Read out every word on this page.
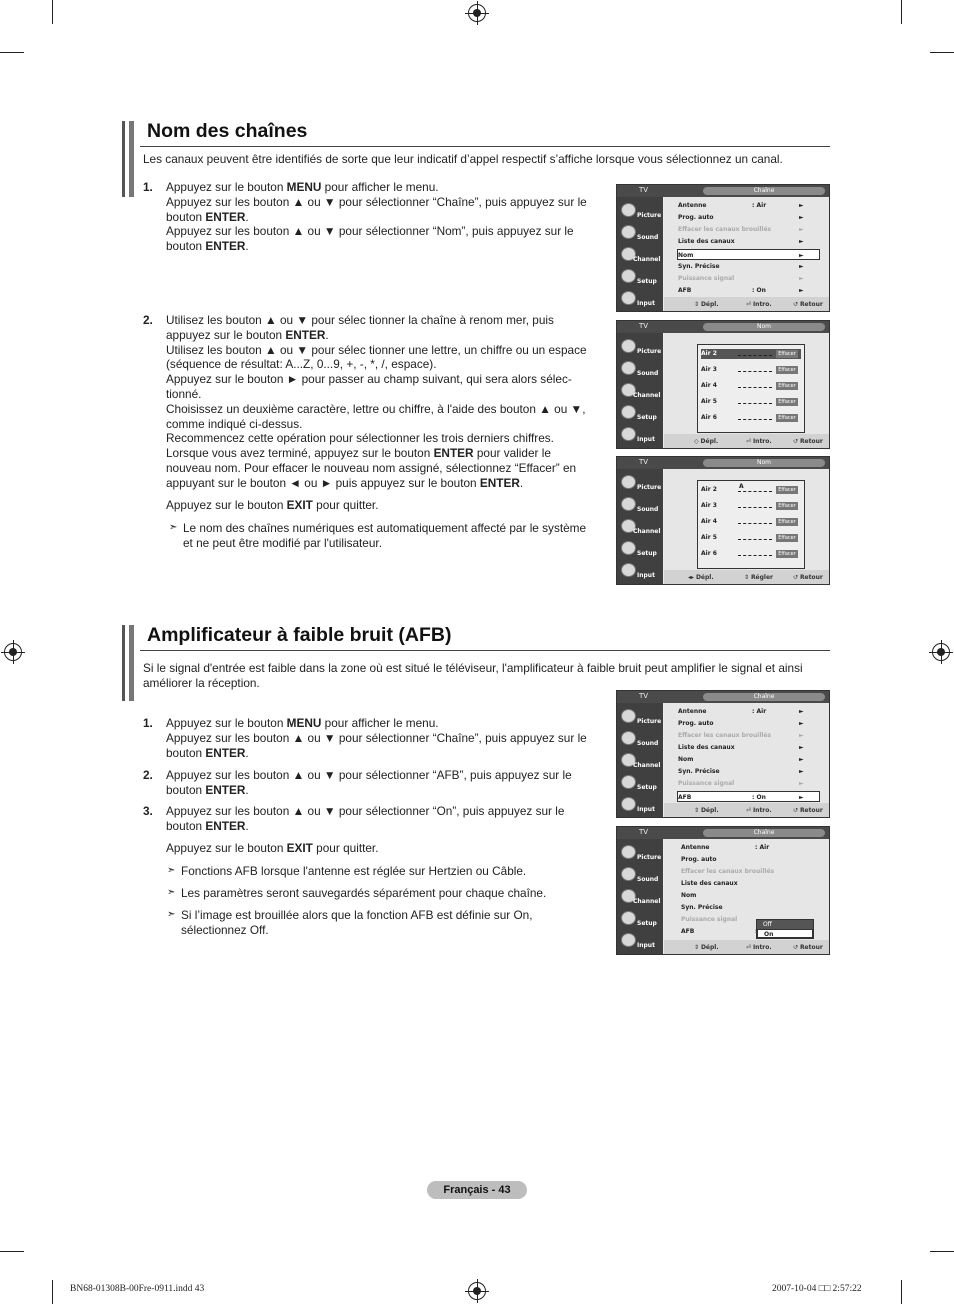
Nom des chaînes
Les canaux peuvent être identifiés de sorte que leur indicatif d’appel respectif s’affiche lorsque vous sélectionnez un canal.
1. Appuyez sur le bouton MENU pour afficher le menu.

Appuyez sur les bouton ▲ ou ▼ pour sélectionner “Chaîne”, puis appuyez sur le bouton ENTER.

Appuyez sur les bouton ▲ ou ▼ pour sélectionner “Nom”, puis appuyez sur le bouton ENTER.

2. Utilisez les bouton ▲ ou ▼ pour sélec tionner la chaîne à renom mer, puis appuyez sur le bouton ENTER.

Utilisez les bouton ▲ ou ▼ pour sélec tionner une lettre, un chiffre ou un espace (séquence de résultat: A...Z, 0...9, +, -, *, /, espace).

Appuyez sur le bouton ► pour passer au champ suivant, qui sera alors sélec-tionné.

Choisissez un deuxième caractère, lettre ou chiffre, à l'aide des bouton ▲ ou ▼, comme indiqué ci-dessus.

Recommencez cette opération pour sélectionner les trois derniers chiffres.

Lorsque vous avez terminé, appuyez sur le bouton ENTER pour valider le nouveau nom. Pour effacer le nouveau nom assigné, sélectionnez “Effacer” en appuyant sur le bouton ◄ ou ► puis appuyez sur le bouton ENTER.

Appuyez sur le bouton EXIT pour quitter.

➣ Le nom des chaînes numériques est automatiquement affecté par le système et ne peut être modifié par l'utilisateur.
TV	Chaîne
Picture
Sound
Channel
Setup
Input
Antenne	: Air	►
Prog. auto	►
Effacer les canaux brouillés	►
Liste des canaux	►
Nom	►
Syn. Précise	►
Puissance signal	►
AFB	: On	►
⇕ Dépl.	⏎ Intro.	↺ Retour
TV	Nom
Picture
Sound
Channel
Setup
Input
Air 2	Effacer
Air 3	Effacer
Air 4	Effacer
Air 5	Effacer
Air 6	Effacer
◇ Dépl.	⏎ Intro.	↺ Retour
TV	Nom
Picture
Sound
Channel
Setup
Input
Air 2	A	Effacer
Air 3	Effacer
Air 4	Effacer
Air 5	Effacer
Air 6	Effacer
◂▸ Dépl.	⇕ Régler	↺ Retour
Amplificateur à faible bruit (AFB)
Si le signal d'entrée est faible dans la zone où est situé le téléviseur, l'amplificateur à faible bruit peut amplifier le signal et ainsi améliorer la réception.
1. Appuyez sur le bouton MENU pour afficher le menu.

Appuyez sur les bouton ▲ ou ▼ pour sélectionner “Chaîne”, puis appuyez sur le bouton ENTER.

2. Appuyez sur les bouton ▲ ou ▼ pour sélectionner “AFB”, puis appuyez sur le bouton ENTER.

3. Appuyez sur les bouton ▲ ou ▼ pour sélectionner “On”, puis appuyez sur le bouton ENTER.

Appuyez sur le bouton EXIT pour quitter.

➣ Fonctions AFB lorsque l'antenne est réglée sur Hertzien ou Câble.
➣ Les paramètres seront sauvegardés séparément pour chaque chaîne.
➣ Si l’image est brouillée alors que la fonction AFB est définie sur On, sélectionnez Off.
TV	Chaîne
Picture
Sound
Channel
Setup
Input
Antenne	: Air	►
Prog. auto	►
Effacer les canaux brouillés	►
Liste des canaux	►
Nom	►
Syn. Précise	►
Puissance signal	►
AFB	: On	►
⇕ Dépl.	⏎ Intro.	↺ Retour
TV	Chaîne
Picture
Sound
Channel
Setup
Input
Antenne	: Air
Prog. auto
Effacer les canaux brouillés
Liste des canaux
Nom
Syn. Précise
Puissance signal
AFB
Off
On
⇕ Dépl.	⏎ Intro.	↺ Retour
Français - 43
BN68-01308B-00Fre-0911.indd 43	2007-10-04 □□ 2:57:22
